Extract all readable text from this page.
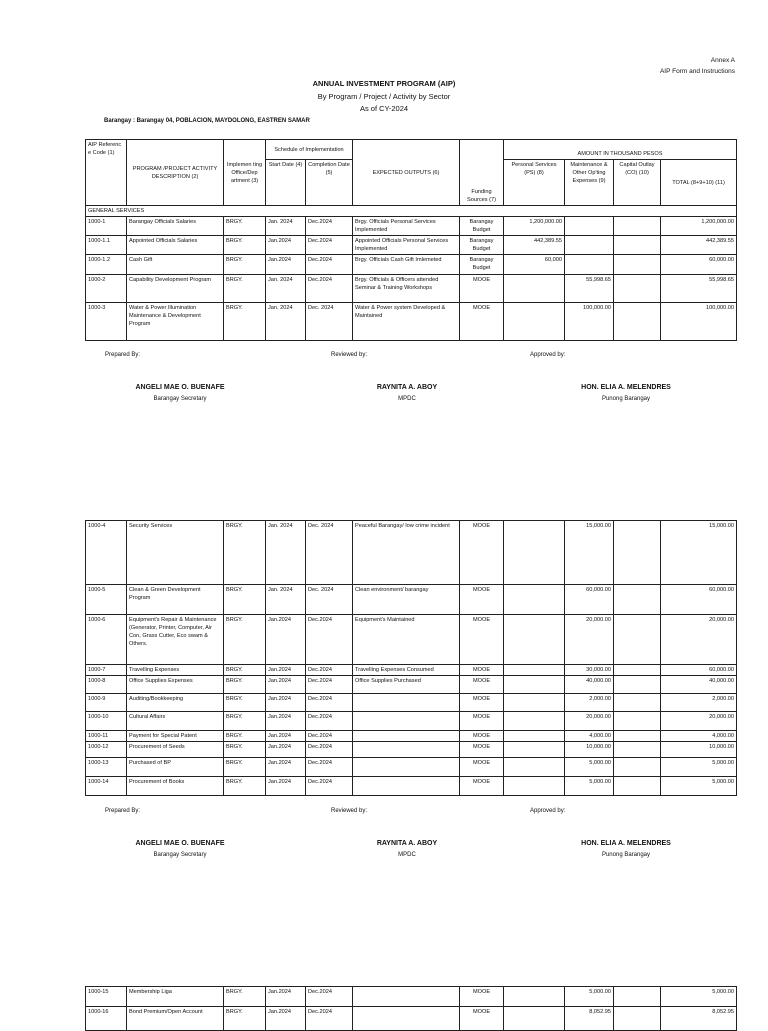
Annex A
AIP Form and Instructions
ANNUAL INVESTMENT PROGRAM (AIP)
By Program / Project / Activity by Sector
As of CY-2024
Barangay : Barangay 04, POBLACION, MAYDOLONG, EASTREN SAMAR
AIP Referenc e Code (1)	PROGRAM /PROJECT ACTIVITY DESCRIPTION (2)	Implemen ting Office/Dep artment (3)	Schedule of Implementation		EXPECTED OUTPUTS (6)	Funding Sources (7)	AMOUNT IN THOUSAND PESOS			
			Start Date (4)	Completion Date (5)			Personal Services (PS) (8)	Maintenance & Other Op'ting Expenses (9)	Capital Outlay (CO) (10)	TOTAL (8+9+10) (11)

GENERAL SERVICES										
1000-1	Barangay Officials Salaries	BRGY.	Jan. 2024	Dec.2024	Brgy. Officials Personal Services Implemented	Barangay Budget	1,200,000.00			1,200,000.00
1000-1.1	Appointed Officials Salaries	BRGY.	Jan.2024	Dec.2024	Appointed Officials Personal Services Implemented	Barangay Budget	442,389.55			442,389.55
1000-1.2	Cash Gift	BRGY.	Jan.2024	Dec.2024	Brgy. Officials Cash Gift Imlemeted	Barangay Budget	60,000			60,000.00
1000-2	Capability Development Program	BRGY.	Jan. 2024	Dec.2024	Brgy. Officials & Officers attended Seminar & Training Workshops	MOOE		55,998.65		55,998.65
1000-3	Water & Power Illumination Maintenance & Development Program	BRGY.	Jan. 2024	Dec. 2024	Water & Power system Developed & Maintained	MOOE		100,000.00		100,000.00
Prepared By:	Reviewed by:	Approved by:
ANGELI MAE O. BUENAFE
Barangay Secretary
RAYNITA A. ABOY
MPDC
HON. ELIA A. MELENDRES
Punong Barangay
1000-4	Security Services	BRGY.	Jan. 2024	Dec. 2024	Peaceful Barangay/ low crime incident	MOOE		15,000.00		15,000.00
1000-5	Clean & Green Development Program	BRGY.	Jan. 2024	Dec. 2024	Clean environment/ barangay	MOOE		60,000.00		60,000.00
1000-6	Equipment's Repair & Maintenance (Generator, Printer, Computer, Air Con, Grass Cutter, Eco swam & Others.	BRGY.	Jan.2024	Dec.2024	Equipment's Maintained	MOOE		20,000.00		20,000.00
1000-7	Travelling Expenses	BRGY.	Jan.2024	Dec.2024	Travelling Expenses Consumed	MOOE		30,000.00		60,000.00
1000-8	Office Supplies Expenses	BRGY.	Jan.2024	Dec.2024	Office Supplies Purchased	MOOE		40,000.00		40,000.00
1000-9	Auditing/Bookkeeping	BRGY.	Jan.2024	Dec.2024		MOOE		2,000.00		2,000.00
1000-10	Cultural Affairs	BRGY.	Jan.2024	Dec.2024		MOOE		20,000.00		20,000.00
1000-11	Payment for Special Patent	BRGY.	Jan.2024	Dec.2024		MOOE		4,000.00		4,000.00
1000-12	Procurement of Seeds	BRGY.	Jan.2024	Dec.2024		MOOE		10,000.00		10,000.00
1000-13	Purchased of BP	BRGY.	Jan.2024	Dec.2024		MOOE		5,000.00		5,000.00
1000-14	Procurement of Books	BRGY.	Jan.2024	Dec.2024		MOOE		5,000.00		5,000.00
Prepared By:	Reviewed by:	Approved by:
ANGELI MAE O. BUENAFE
Barangay Secretary
RAYNITA A. ABOY
MPDC
HON. ELIA A. MELENDRES
Punong Barangay
1000-15	Membership Liga	BRGY.	Jan.2024	Dec.2024		MOOE		5,000.00		5,000.00
1000-16	Bond Premium/Open Account	BRGY.	Jan.2024	Dec.2024		MOOE		8,052.95		8,052.95
